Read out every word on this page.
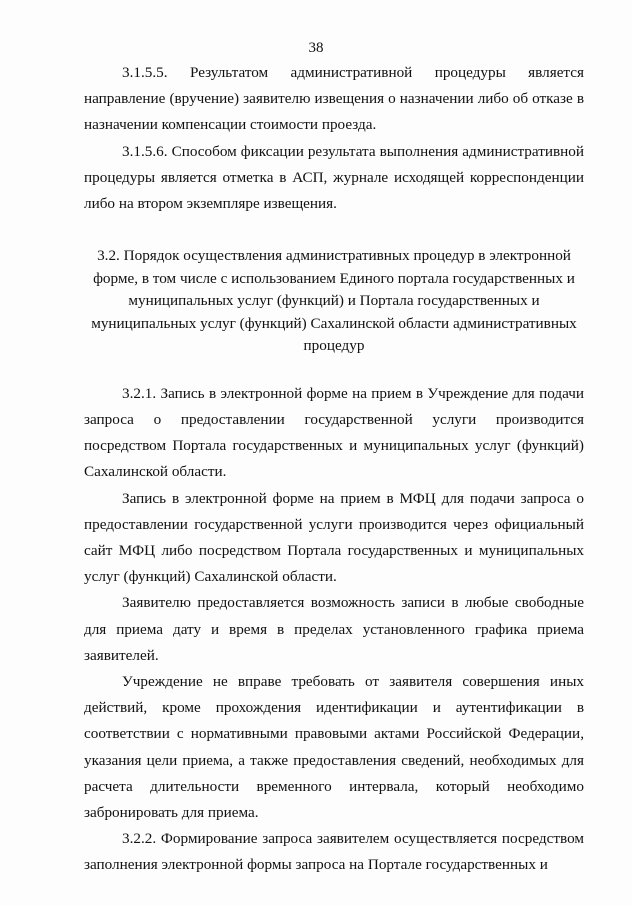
38

3.1.5.5. Результатом административной процедуры является направление (вручение) заявителю извещения о назначении либо об отказе в назначении компенсации стоимости проезда.

3.1.5.6. Способом фиксации результата выполнения административной процедуры является отметка в АСП, журнале исходящей корреспонденции либо на втором экземпляре извещения.

3.2. Порядок осуществления административных процедур в электронной форме, в том числе с использованием Единого портала государственных и муниципальных услуг (функций) и Портала государственных и муниципальных услуг (функций) Сахалинской области административных процедур

3.2.1. Запись в электронной форме на прием в Учреждение для подачи запроса о предоставлении государственной услуги производится посредством Портала государственных и муниципальных услуг (функций) Сахалинской области.

Запись в электронной форме на прием в МФЦ для подачи запроса о предоставлении государственной услуги производится через официальный сайт МФЦ либо посредством Портала государственных и муниципальных услуг (функций) Сахалинской области.

Заявителю предоставляется возможность записи в любые свободные для приема дату и время в пределах установленного графика приема заявителей.

Учреждение не вправе требовать от заявителя совершения иных действий, кроме прохождения идентификации и аутентификации в соответствии с нормативными правовыми актами Российской Федерации, указания цели приема, а также предоставления сведений, необходимых для расчета длительности временного интервала, который необходимо забронировать для приема.

3.2.2. Формирование запроса заявителем осуществляется посредством заполнения электронной формы запроса на Портале государственных и
